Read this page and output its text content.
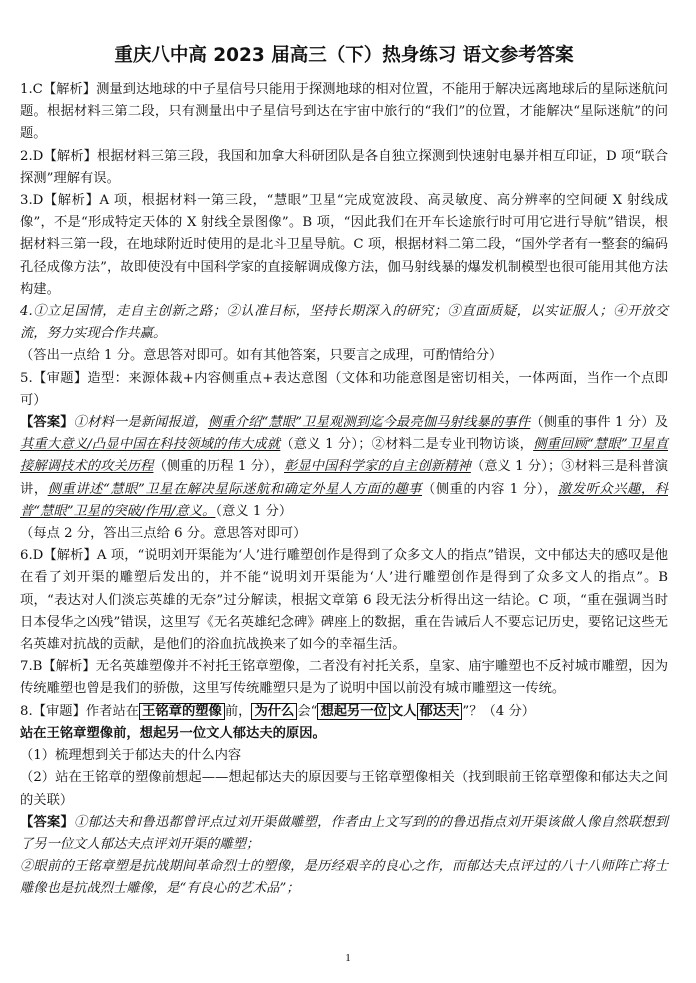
重庆八中高 2023 届高三（下）热身练习 语文参考答案

1.C【解析】测量到达地球的中子星信号只能用于探测地球的相对位置，不能用于解决远离地球后的星际迷航问题。根据材料三第二段，只有测量出中子星信号到达在宇宙中旅行的“我们”的位置，才能解决“星际迷航”的问题。

2.D【解析】根据材料三第三段，我国和加拿大科研团队是各自独立探测到快速射电暴并相互印证，D 项“联合探测”理解有误。

3.D【解析】A 项，根据材料一第三段，“慧眼”卫星“完成宽波段、高灵敏度、高分辨率的空间硬 X 射线成像”，不是“形成特定天体的 X 射线全景图像”。B 项，“因此我们在开车长途旅行时可用它进行导航”错误，根据材料三第一段，在地球附近时使用的是北斗卫星导航。C 项，根据材料二第二段，“国外学者有一整套的编码孔径成像方法”，故即使没有中国科学家的直接解调成像方法，伽马射线暴的爆发机制模型也很可能用其他方法构建。

4.①立足国情，走自主创新之路；②认准目标，坚持长期深入的研究；③直面质疑，以实证服人；④开放交流，努力实现合作共赢。

（答出一点给 1 分。意思答对即可。如有其他答案，只要言之成理，可酌情给分）

5.【审题】造型：来源体裁+内容侧重点+表达意图（文体和功能意图是密切相关，一体两面，当作一个点即可）

【答案】①材料一是新闻报道，侧重介绍“慧眼”卫星观测到迄今最亮伽马射线暴的事件（侧重的事件 1 分）及其重大意义/凸显中国在科技领域的伟大成就（意义 1 分）；②材料二是专业刊物访谈，侧重回顾“慧眼”卫星直接解调技术的攻关历程（侧重的历程 1 分），彰显中国科学家的自主创新精神（意义 1 分）；③材料三是科普演讲，侧重讲述“慧眼”卫星在解决星际迷航和确定外星人方面的趣事（侧重的内容 1 分），激发听众兴趣，科普“慧眼”卫星的突破/作用/意义。（意义 1 分）

（每点 2 分，答出三点给 6 分。意思答对即可）

6.D【解析】A 项，“说明刘开渠能为‘人’进行雕塑创作是得到了众多文人的指点”错误，文中郁达夫的感叹是他在看了刘开渠的雕塑后发出的，并不能“说明刘开渠能为‘人’进行雕塑创作是得到了众多文人的指点”。B 项，“表达对人们淡忘英雄的无奈”过分解读，根据文章第 6 段无法分析得出这一结论。C 项，“重在强调当时日本侵华之凶残”错误，这里写《无名英雄纪念碑》碑座上的数据，重在告诫后人不要忘记历史，要铭记这些无名英雄对抗战的贡献，是他们的浴血抗战换来了如今的幸福生活。

7.B【解析】无名英雄塑像并不衬托王铭章塑像，二者没有衬托关系，皇家、庙宇雕塑也不反衬城市雕塑，因为传统雕塑也曾是我们的骄傲，这里写传统雕塑只是为了说明中国以前没有城市雕塑这一传统。

8.【审题】作者站在 王铭章的塑像 前， 为什么 会“ 想起另一位 文人 郁达夫 ”？（4 分）

站在王铭章塑像前，想起另一位文人郁达夫的原因。

（1）梳理想到关于郁达夫的什么内容

（2）站在王铭章的塑像前想起——想起郁达夫的原因要与王铭章塑像相关（找到眼前王铭章塑像和郁达夫之间的关联）

【答案】①郁达夫和鲁迅都曾评点过刘开渠做雕塑，作者由上文写到的的鲁迅指点刘开渠该做人像自然联想到了另一位文人郁达夫点评刘开渠的雕塑；

②眼前的王铭章塑是抗战期间革命烈士的塑像，是历经艰辛的良心之作，而郁达夫点评过的八十八师阵亡将士雕像也是抗战烈士雕像，是“有良心的艺术品”；

1
